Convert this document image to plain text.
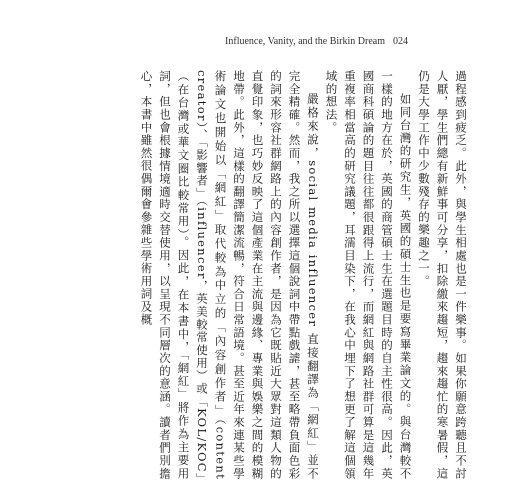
Influence, Vanity, and the Birkin Dream 024

過程感到疲乏。此外，與學生相處也是一件樂事。如果你願意跨聽且不討人厭，學生們總有新鮮事可分享，扣除繳來趨短，趨來趨忙的寒暑假，這仍是大學工作中少數殘存的樂趣之一。

如同台灣的研究生，英國的碩士生也是要寫畢業論文的。與台灣較不一樣的地方在於，英國的商管碩士生在選題目時的自主性很高。因此，英國商科碩論的題目往往都很跟得上流行，而網紅與網路社群可算是這幾年重複率相當高的研究議題，耳濡目染下，在我心中埋下了想更了解這個領域的想法。

嚴格來說，social media influencer 直接翻譯為「網紅」並不完全精確。然而，我之所以選擇這個說詞中帶點戲謔，甚至略帶負面色彩的詞來形容社群網路上的內容創作者，是因為它既貼近大眾對這類人物的直覺印象，也巧妙反映了這個產業在主流與邊緣、專業與娛樂之間的模糊地帶。此外，這樣的翻譯簡潔流暢，符合日常語境。甚至近年來連某些學術論文也開始以「網紅」取代較為中立的「內容創作者」（content creator）、「影響者」（influencer，英美較常使用）或「KOL/KOC」（在台灣或華文圈比較常用）。因此，在本書中，「網紅」將作為主要用詞，但也會根據情境適時交替使用，以呈現不同層次的意涵。讀者們別擔心，本書中雖然很偶爾會參雜些學術用詞及概
